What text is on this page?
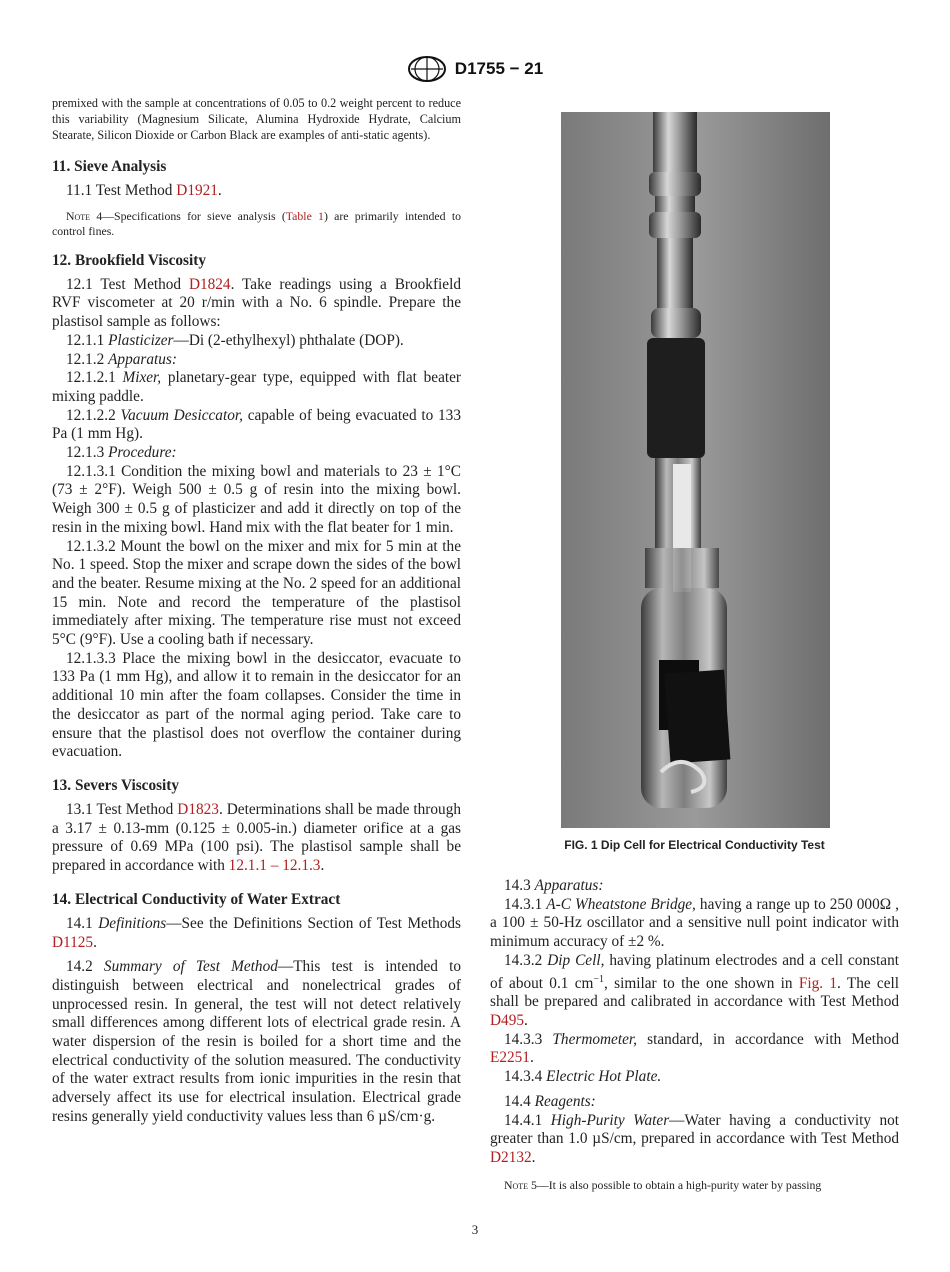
D1755 − 21

premixed with the sample at concentrations of 0.05 to 0.2 weight percent to reduce this variability (Magnesium Silicate, Alumina Hydroxide Hydrate, Calcium Stearate, Silicon Dioxide or Carbon Black are examples of anti-static agents).

11. Sieve Analysis

11.1 Test Method D1921.

Note 4—Specifications for sieve analysis (Table 1) are primarily intended to control fines.

12. Brookfield Viscosity

12.1 Test Method D1824. Take readings using a Brookfield RVF viscometer at 20 r/min with a No. 6 spindle. Prepare the plastisol sample as follows:

12.1.1 Plasticizer—Di (2-ethylhexyl) phthalate (DOP).

12.1.2 Apparatus:

12.1.2.1 Mixer, planetary-gear type, equipped with flat beater mixing paddle.

12.1.2.2 Vacuum Desiccator, capable of being evacuated to 133 Pa (1 mm Hg).

12.1.3 Procedure:

12.1.3.1 Condition the mixing bowl and materials to 23 ± 1°C (73 ± 2°F). Weigh 500 ± 0.5 g of resin into the mixing bowl. Weigh 300 ± 0.5 g of plasticizer and add it directly on top of the resin in the mixing bowl. Hand mix with the flat beater for 1 min.

12.1.3.2 Mount the bowl on the mixer and mix for 5 min at the No. 1 speed. Stop the mixer and scrape down the sides of the bowl and the beater. Resume mixing at the No. 2 speed for an additional 15 min. Note and record the temperature of the plastisol immediately after mixing. The temperature rise must not exceed 5°C (9°F). Use a cooling bath if necessary.

12.1.3.3 Place the mixing bowl in the desiccator, evacuate to 133 Pa (1 mm Hg), and allow it to remain in the desiccator for an additional 10 min after the foam collapses. Consider the time in the desiccator as part of the normal aging period. Take care to ensure that the plastisol does not overflow the container during evacuation.

13. Severs Viscosity

13.1 Test Method D1823. Determinations shall be made through a 3.17 ± 0.13-mm (0.125 ± 0.005-in.) diameter orifice at a gas pressure of 0.69 MPa (100 psi). The plastisol sample shall be prepared in accordance with 12.1.1 – 12.1.3.

14. Electrical Conductivity of Water Extract

14.1 Definitions—See the Definitions Section of Test Methods D1125.

14.2 Summary of Test Method—This test is intended to distinguish between electrical and nonelectrical grades of unprocessed resin. In general, the test will not detect relatively small differences among different lots of electrical grade resin. A water dispersion of the resin is boiled for a short time and the electrical conductivity of the solution measured. The conductivity of the water extract results from ionic impurities in the resin that adversely affect its use for electrical insulation. Electrical grade resins generally yield conductivity values less than 6 µS/cm·g.

FIG. 1 Dip Cell for Electrical Conductivity Test

14.3 Apparatus:

14.3.1 A-C Wheatstone Bridge, having a range up to 250 000Ω , a 100 ± 50-Hz oscillator and a sensitive null point indicator with minimum accuracy of ±2 %.

14.3.2 Dip Cell, having platinum electrodes and a cell constant of about 0.1 $cm^{-1}$, similar to the one shown in Fig. 1. The cell shall be prepared and calibrated in accordance with Test Method D495.

14.3.3 Thermometer, standard, in accordance with Method E2251.

14.3.4 Electric Hot Plate.

14.4 Reagents:

14.4.1 High-Purity Water—Water having a conductivity not greater than 1.0 µS/cm, prepared in accordance with Test Method D2132.

Note 5—It is also possible to obtain a high-purity water by passing

3
